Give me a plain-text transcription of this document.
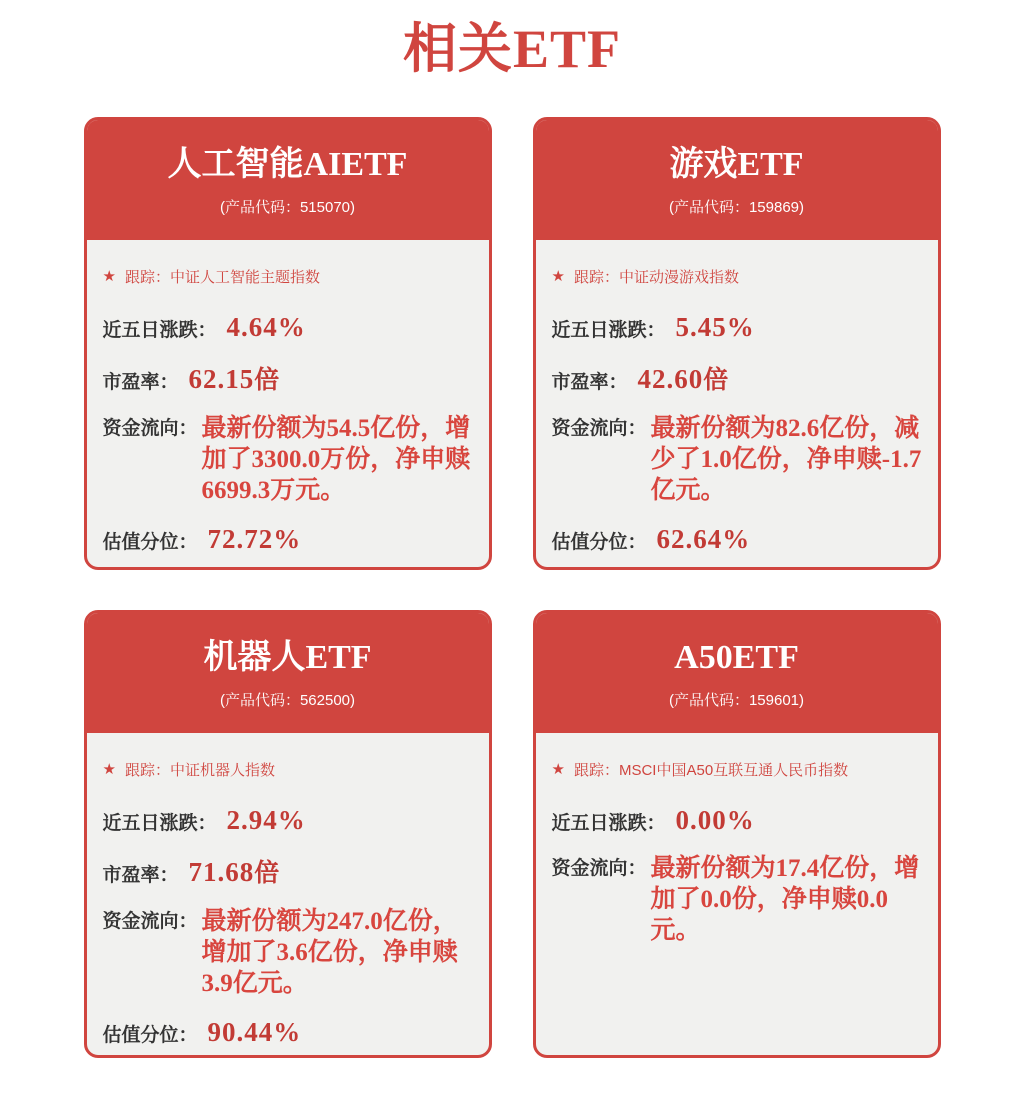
相关ETF
人工智能AIETF
(产品代码：515070)
★ 跟踪： 中证人工智能主题指数
近五日涨跌： 4.64%
市盈率： 62.15 倍
资金流向： 最新份额为54.5亿份，增加了3300.0万份，净申赎6699.3万元。
估值分位： 72.72%
游戏ETF
(产品代码：159869)
★ 跟踪： 中证动漫游戏指数
近五日涨跌： 5.45%
市盈率： 42.60 倍
资金流向： 最新份额为82.6亿份，减少了1.0亿份，净申赎-1.7亿元。
估值分位： 62.64%
机器人ETF
(产品代码：562500)
★ 跟踪： 中证机器人指数
近五日涨跌： 2.94%
市盈率： 71.68 倍
资金流向： 最新份额为247.0亿份，增加了3.6亿份，净申赎3.9亿元。
估值分位： 90.44%
A50ETF
(产品代码：159601)
★ 跟踪： MSCI中国A50互联互通人民币指数
近五日涨跌： 0.00%
资金流向： 最新份额为17.4亿份，增加了0.0份，净申赎0.0元。
